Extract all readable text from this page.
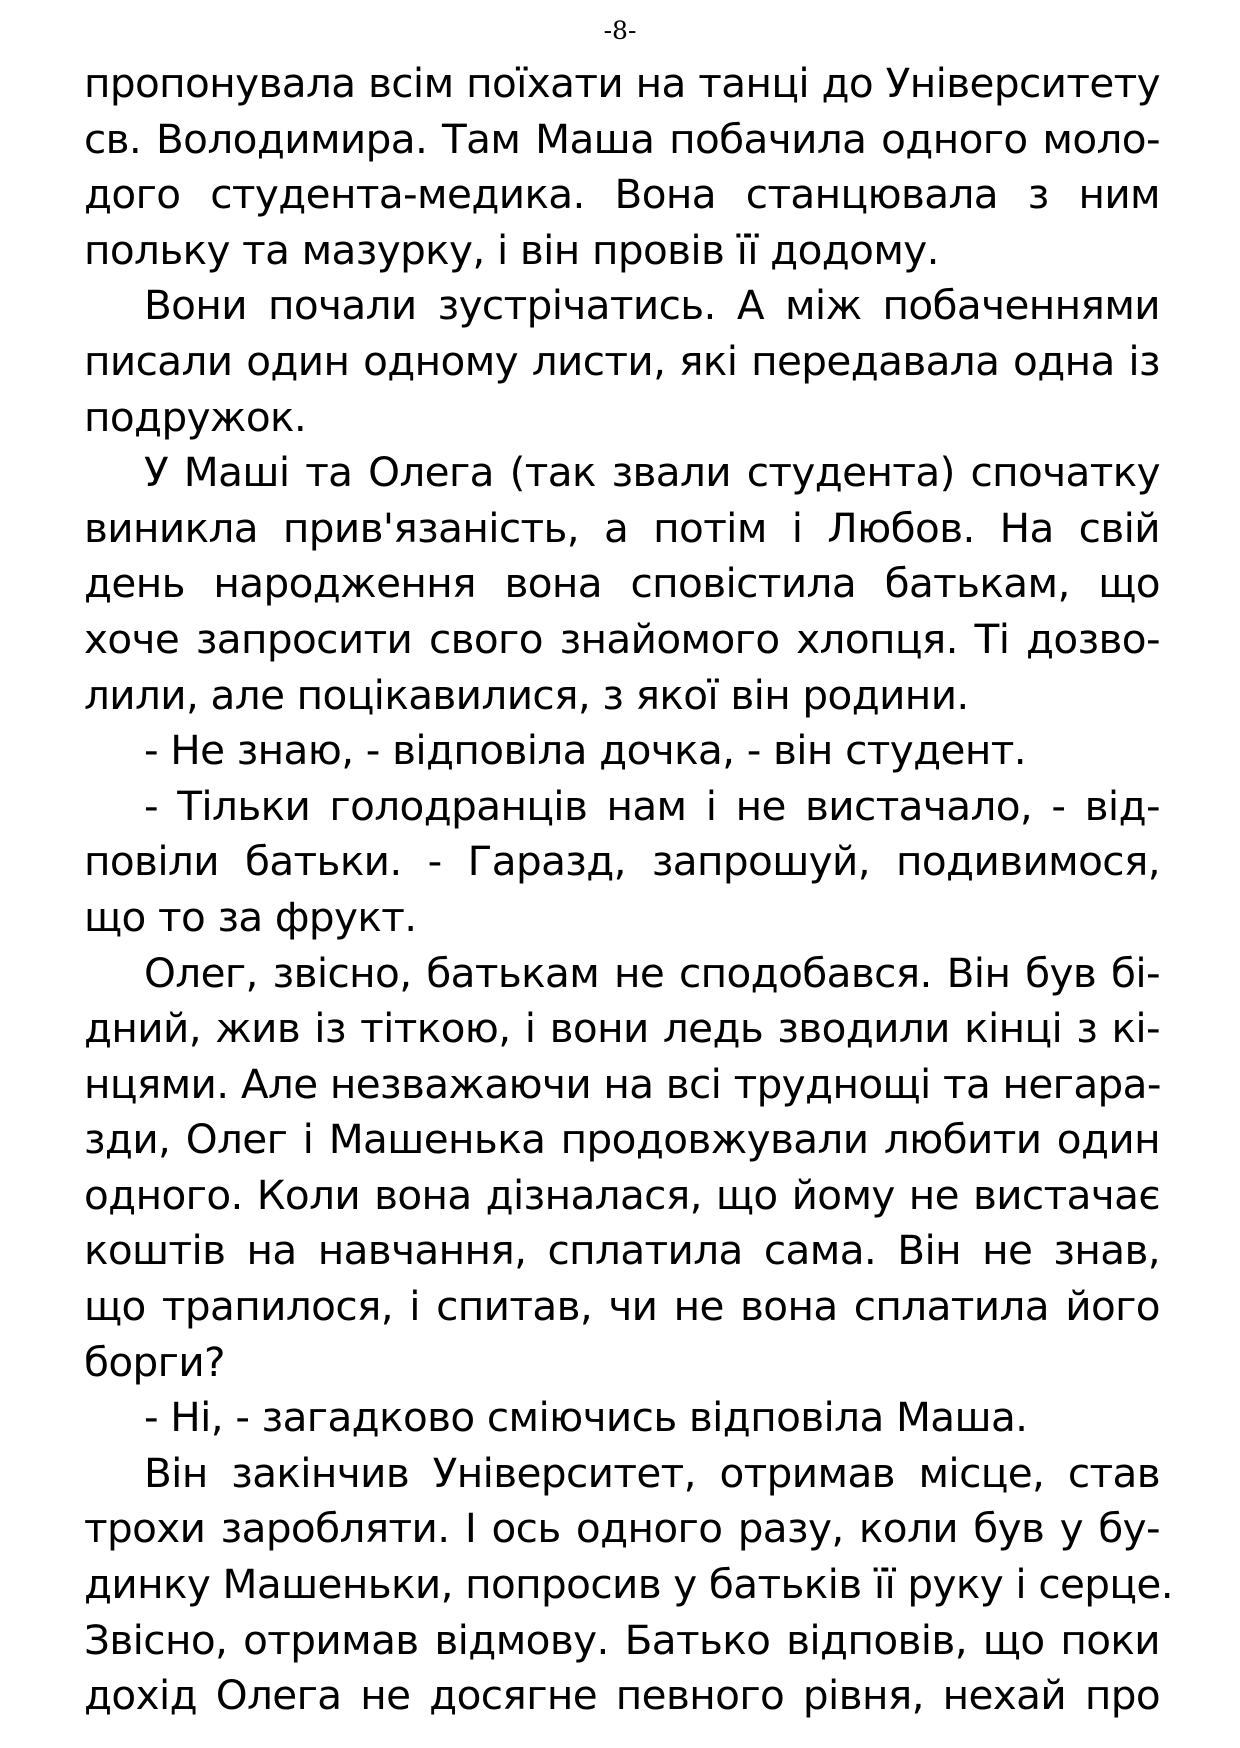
-8-
пропонувала всім поїхати на танці до Університету
св. Володимира. Там Маша побачила одного моло-
дого студента-медика. Вона станцювала з ним
польку та мазурку, і він провів її додому.
Вони почали зустрічатись. А між побаченнями
писали один одному листи, які передавала одна із
подружок.
У Маші та Олега (так звали студента) спочатку
виникла прив'язаність, а потім і Любов. На свій
день народження вона сповістила батькам, що
хоче запросити свого знайомого хлопця. Ті дозво-
лили, але поцікавилися, з якої він родини.
- Не знаю, - відповіла дочка, - він студент.
- Тільки голодранців нам і не вистачало, - від-
повіли батьки. - Гаразд, запрошуй, подивимося,
що то за фрукт.
Олег, звісно, батькам не сподобався. Він був бі-
дний, жив із тіткою, і вони ледь зводили кінці з кі-
нцями. Але незважаючи на всі труднощі та негара-
зди, Олег і Машенька продовжували любити один
одного. Коли вона дізналася, що йому не вистачає
коштів на навчання, сплатила сама. Він не знав,
що трапилося, і спитав, чи не вона сплатила його
борги?
- Ні, - загадково сміючись відповіла Маша.
Він закінчив Університет, отримав місце, став
трохи заробляти. І ось одного разу, коли був у бу-
динку Машеньки, попросив у батьків її руку і серце.
Звісно, отримав відмову. Батько відповів, що поки
дохід Олега не досягне певного рівня, нехай про
